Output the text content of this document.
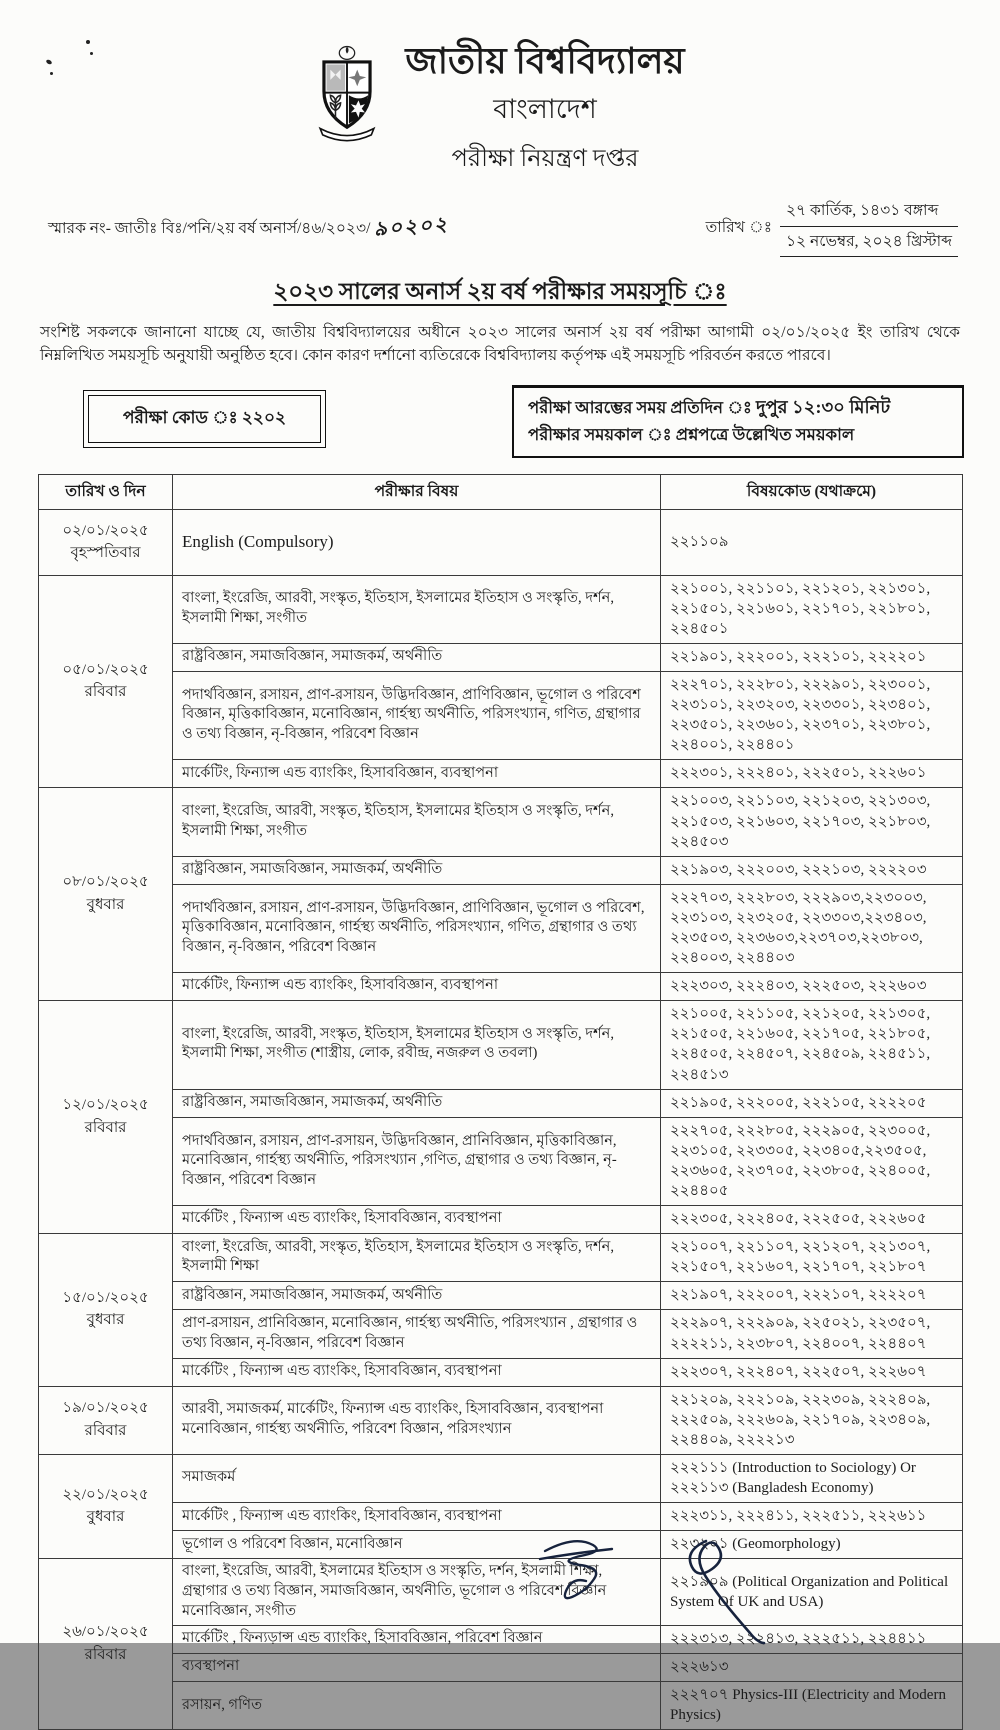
জাতীয় বিশ্ববিদ্যালয়
বাংলাদেশ
পরীক্ষা নিয়ন্ত্রণ দপ্তর
স্মারক নং- জাতীঃ বিঃ/পনি/২য় বর্ষ অনার্স/৪৬/২০২৩/ ৯০২০২	তারিখ ঃ
২৭ কার্তিক, ১৪৩১ বঙ্গাব্দ
১২ নভেম্বর, ২০২৪ খ্রিস্টাব্দ
২০২৩ সালের অনার্স ২য় বর্ষ পরীক্ষার সময়সূচি ঃ

সংশিষ্ট সকলকে জানানো যাচ্ছে যে, জাতীয় বিশ্ববিদ্যালয়ের অধীনে ২০২৩ সালের অনার্স ২য় বর্ষ পরীক্ষা আগামী ০২/০১/২০২৫ ইং তারিখ থেকে নিম্নলিখিত সময়সূচি অনুযায়ী অনুষ্ঠিত হবে। কোন কারণ দর্শানো ব্যতিরেকে বিশ্ববিদ্যালয় কর্তৃপক্ষ এই সময়সূচি পরিবর্তন করতে পারবে।

পরীক্ষা কোড ঃ ২২০২
পরীক্ষা আরম্ভের সময় প্রতিদিন ঃ দুপুর ১২:৩০ মিনিট
পরীক্ষার সময়কাল ঃ প্রশ্নপত্রে উল্লেখিত সময়কাল
তারিখ ও দিন	পরীক্ষার বিষয়	বিষয়কোড (যথাক্রমে)

০২/০১/২০২৫
বৃহস্পতিবার	English (Compulsory)	২২১১০৯

০৫/০১/২০২৫
রবিবার	বাংলা, ইংরেজি, আরবী, সংস্কৃত, ইতিহাস, ইসলামের ইতিহাস ও সংস্কৃতি, দর্শন, ইসলামী শিক্ষা, সংগীত	২২১০০১, ২২১১০১, ২২১২০১, ২২১৩০১, ২২১৫০১, ২২১৬০১, ২২১৭০১, ২২১৮০১, ২২৪৫০১
	রাষ্ট্রবিজ্ঞান, সমাজবিজ্ঞান, সমাজকর্ম, অর্থনীতি	২২১৯০১, ২২২০০১, ২২২১০১, ২২২২০১
	পদার্থবিজ্ঞান, রসায়ন, প্রাণ-রসায়ন, উদ্ভিদবিজ্ঞান, প্রাণিবিজ্ঞান, ভূগোল ও পরিবেশ বিজ্ঞান, মৃত্তিকাবিজ্ঞান, মনোবিজ্ঞান, গার্হস্থ্য অর্থনীতি, পরিসংখ্যান, গণিত, গ্রন্থাগার ও তথ্য বিজ্ঞান, নৃ-বিজ্ঞান, পরিবেশ বিজ্ঞান	২২২৭০১, ২২২৮০১, ২২২৯০১, ২২৩০০১, ২২৩১০১, ২২৩২০৩, ২২৩৩০১, ২২৩৪০১, ২২৩৫০১, ২২৩৬০১, ২২৩৭০১, ২২৩৮০১, ২২৪০০১, ২২৪৪০১
	মার্কেটিং, ফিন্যান্স এন্ড ব্যাংকিং, হিসাববিজ্ঞান, ব্যবস্থাপনা	২২২৩০১, ২২২৪০১, ২২২৫০১, ২২২৬০১

০৮/০১/২০২৫
বুধবার	বাংলা, ইংরেজি, আরবী, সংস্কৃত, ইতিহাস, ইসলামের ইতিহাস ও সংস্কৃতি, দর্শন, ইসলামী শিক্ষা, সংগীত	২২১০০৩, ২২১১০৩, ২২১২০৩, ২২১৩০৩, ২২১৫০৩, ২২১৬০৩, ২২১৭০৩, ২২১৮০৩, ২২৪৫০৩
	রাষ্ট্রবিজ্ঞান, সমাজবিজ্ঞান, সমাজকর্ম, অর্থনীতি	২২১৯০৩, ২২২০০৩, ২২২১০৩, ২২২২০৩
	পদার্থবিজ্ঞান, রসায়ন, প্রাণ-রসায়ন, উদ্ভিদবিজ্ঞান, প্রাণিবিজ্ঞান, ভূগোল ও পরিবেশ, মৃত্তিকাবিজ্ঞান, মনোবিজ্ঞান, গার্হস্থ্য অর্থনীতি, পরিসংখ্যান, গণিত, গ্রন্থাগার ও তথ্য বিজ্ঞান, নৃ-বিজ্ঞান, পরিবেশ বিজ্ঞান	২২২৭০৩, ২২২৮০৩, ২২২৯০৩,২২৩০০৩, ২২৩১০৩, ২২৩২০৫, ২২৩৩০৩,২২৩৪০৩, ২২৩৫০৩, ২২৩৬০৩,২২৩৭০৩,২২৩৮০৩, ২২৪০০৩, ২২৪৪০৩
	মার্কেটিং, ফিন্যান্স এন্ড ব্যাংকিং, হিসাববিজ্ঞান, ব্যবস্থাপনা	২২২৩০৩, ২২২৪০৩, ২২২৫০৩, ২২২৬০৩

১২/০১/২০২৫
রবিবার	বাংলা, ইংরেজি, আরবী, সংস্কৃত, ইতিহাস, ইসলামের ইতিহাস ও সংস্কৃতি, দর্শন, ইসলামী শিক্ষা, সংগীত (শাস্ত্রীয়, লোক, রবীন্দ্র, নজরুল ও তবলা)	২২১০০৫, ২২১১০৫, ২২১২০৫, ২২১৩০৫, ২২১৫০৫, ২২১৬০৫, ২২১৭০৫, ২২১৮০৫, ২২৪৫০৫, ২২৪৫০৭, ২২৪৫০৯, ২২৪৫১১, ২২৪৫১৩
	রাষ্ট্রবিজ্ঞান, সমাজবিজ্ঞান, সমাজকর্ম, অর্থনীতি	২২১৯০৫, ২২২০০৫, ২২২১০৫, ২২২২০৫
	পদার্থবিজ্ঞান, রসায়ন, প্রাণ-রসায়ন, উদ্ভিদবিজ্ঞান, প্রানিবিজ্ঞান, মৃত্তিকাবিজ্ঞান, মনোবিজ্ঞান, গার্হস্থ্য অর্থনীতি, পরিসংখ্যান ,গণিত, গ্রন্থাগার ও তথ্য বিজ্ঞান, নৃ-বিজ্ঞান, পরিবেশ বিজ্ঞান	২২২৭০৫, ২২২৮০৫, ২২২৯০৫, ২২৩০০৫, ২২৩১০৫, ২২৩৩০৫, ২২৩৪০৫,২২৩৫০৫, ২২৩৬০৫, ২২৩৭০৫, ২২৩৮০৫, ২২৪০০৫, ২২৪৪০৫
	মার্কেটিং , ফিন্যান্স এন্ড ব্যাংকিং, হিসাববিজ্ঞান, ব্যবস্থাপনা	২২২৩০৫, ২২২৪০৫, ২২২৫০৫, ২২২৬০৫

১৫/০১/২০২৫
বুধবার	বাংলা, ইংরেজি, আরবী, সংস্কৃত, ইতিহাস, ইসলামের ইতিহাস ও সংস্কৃতি, দর্শন, ইসলামী শিক্ষা	২২১০০৭, ২২১১০৭, ২২১২০৭, ২২১৩০৭, ২২১৫০৭, ২২১৬০৭, ২২১৭০৭, ২২১৮০৭
	রাষ্ট্রবিজ্ঞান, সমাজবিজ্ঞান, সমাজকর্ম, অর্থনীতি	২২১৯০৭, ২২২০০৭, ২২২১০৭, ২২২২০৭
	প্রাণ-রসায়ন, প্রানিবিজ্ঞান, মনোবিজ্ঞান, গার্হস্থ্য অর্থনীতি, পরিসংখ্যান , গ্রন্থাগার ও তথ্য বিজ্ঞান, নৃ-বিজ্ঞান, পরিবেশ বিজ্ঞান	২২২৯০৭, ২২২৯০৯, ২২৫০২১, ২২৩৫০৭, ২২২২১১, ২২৩৮০৭, ২২৪০০৭, ২২৪৪০৭
	মার্কেটিং , ফিন্যান্স এন্ড ব্যাংকিং, হিসাববিজ্ঞান, ব্যবস্থাপনা	২২২৩০৭, ২২২৪০৭, ২২২৫০৭, ২২২৬০৭

১৯/০১/২০২৫
রবিবার	আরবী, সমাজকর্ম, মার্কেটিং, ফিন্যান্স এন্ড ব্যাংকিং, হিসাববিজ্ঞান, ব্যবস্থাপনা মনোবিজ্ঞান, গার্হস্থ্য অর্থনীতি, পরিবেশ বিজ্ঞান, পরিসংখ্যান	২২১২০৯, ২২২১০৯, ২২২৩০৯, ২২২৪০৯, ২২২৫০৯, ২২২৬০৯, ২২১৭০৯, ২২৩৪০৯, ২২৪৪০৯, ২২২২১৩

২২/০১/২০২৫
বুধবার	সমাজকর্ম	২২২১১১ (Introduction to Sociology) Or ২২২১১৩ (Bangladesh Economy)
	মার্কেটিং , ফিন্যান্স এন্ড ব্যাংকিং, হিসাববিজ্ঞান, ব্যবস্থাপনা	২২২৩১১, ২২২৪১১, ২২২৫১১, ২২২৬১১
	ভূগোল ও পরিবেশ বিজ্ঞান, মনোবিজ্ঞান	২২৩২০১ (Geomorphology)

২৬/০১/২০২৫
রবিবার	বাংলা, ইংরেজি, আরবী, ইসলামের ইতিহাস ও সংস্কৃতি, দর্শন, ইসলামী শিক্ষা, গ্রন্থাগার ও তথ্য বিজ্ঞান, সমাজবিজ্ঞান, অর্থনীতি, ভূগোল ও পরিবেশ বিজ্ঞান মনোবিজ্ঞান, সংগীত	২২১৯০৯ (Political Organization and Political System Of UK and USA)
	মার্কেটিং , ফিন্যড়ান্স এন্ড ব্যাংকিং, হিসাববিজ্ঞান, পরিবেশ বিজ্ঞান	২২২৩১৩, ২২২৪১৩, ২২২৫১১, ২২৪৪১১
	ব্যবস্থাপনা	২২২৬১৩
	রসায়ন, গণিত	২২২৭০৭ Physics-III (Electricity and Modern Physics)
